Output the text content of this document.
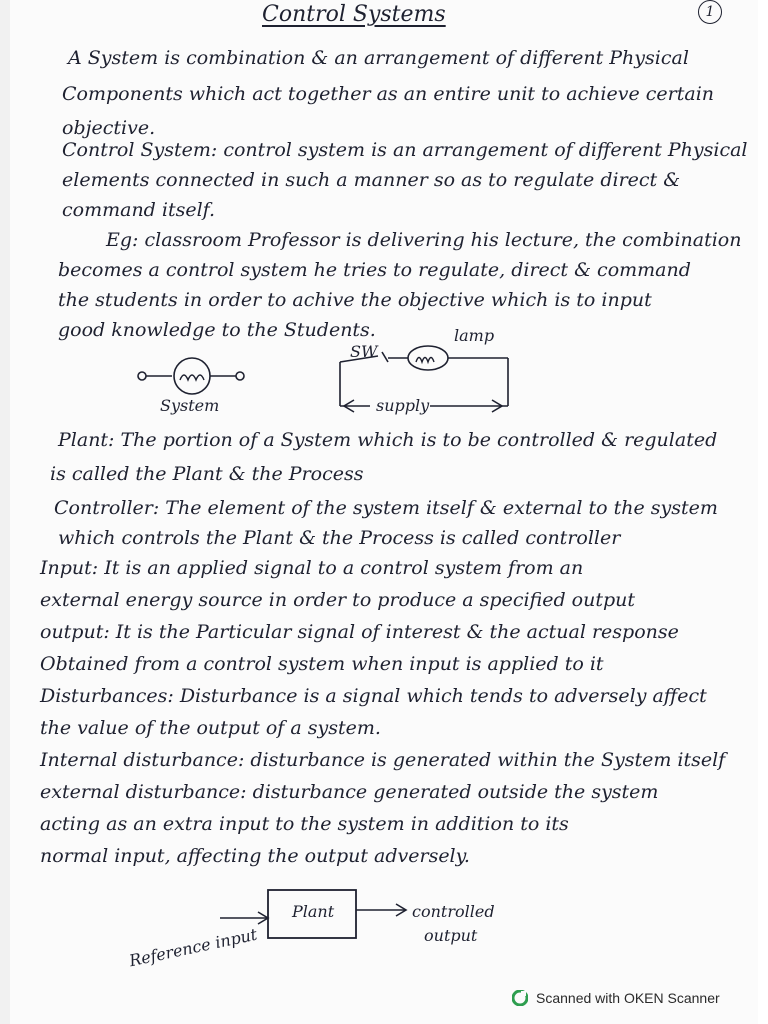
Control Systems	1
A System is combination & an arrangement of different Physical
Components which act together as an entire unit to achieve certain
objective.
Control System: control system is an arrangement of different Physical
elements connected in such a manner so as to regulate direct &
command itself.
Eg: classroom Professor is delivering his lecture, the combination
becomes a control system he tries to regulate, direct & command
the students in order to achive the objective which is to input
good knowledge to the Students.
System
SW
lamp
supply
Plant: The portion of a System which is to be controlled & regulated
is called the Plant & the Process
Controller: The element of the system itself & external to the system
which controls the Plant & the Process is called controller
Input: It is an applied signal to a control system from an
external energy source in order to produce a specified output
output: It is the Particular signal of interest & the actual response
Obtained from a control system when input is applied to it
Disturbances: Disturbance is a signal which tends to adversely affect
the value of the output of a system.
Internal disturbance: disturbance is generated within the System itself
external disturbance: disturbance generated outside the system
acting as an extra input to the system in addition to its
normal input, affecting the output adversely.
Plant
Reference input
controlled
output
Scanned with OKEN Scanner
